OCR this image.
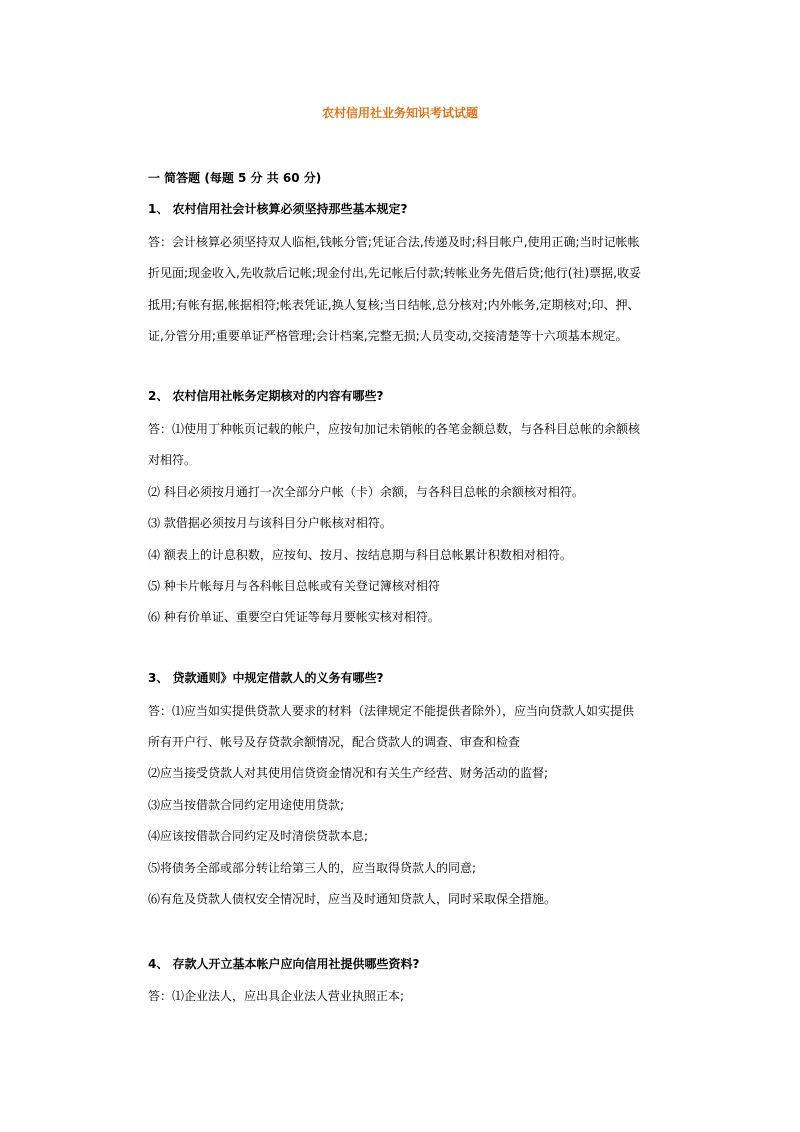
农村信用社业务知识考试试题
一 简答题 (每题 5 分 共 60 分)
1、 农村信用社会计核算必须坚持那些基本规定?
答：会计核算必须坚持双人临柜,钱帐分管;凭证合法,传递及时;科目帐户,使用正确;当时记帐帐
折见面;现金收入,先收款后记帐;现金付出,先记帐后付款;转帐业务先借后贷;他行(社)票据,收妥
抵用;有帐有据,帐据相符;帐表凭证,换人复核;当日结帐,总分核对;内外帐务,定期核对;印、押、
证,分管分用;重要单证严格管理;会计档案,完整无损;人员变动,交接清楚等十六项基本规定。
2、 农村信用社帐务定期核对的内容有哪些?
答：⑴使用丁种帐页记载的帐户，应按旬加记未销帐的各笔金额总数，与各科目总帐的余额核
对相符。
⑵ 科目必须按月通打一次全部分户帐（卡）余额，与各科目总帐的余额核对相符。
⑶ 款借据必须按月与该科目分户帐核对相符。
⑷ 额表上的计息积数，应按旬、按月、按结息期与科目总帐累计积数相对相符。
⑸ 种卡片帐每月与各科帐目总帐或有关登记簿核对相符
⑹ 种有价单证、重要空白凭证等每月要帐实核对相符。
3、 贷款通则》中规定借款人的义务有哪些?
答：⑴应当如实提供贷款人要求的材料（法律规定不能提供者除外），应当向贷款人如实提供
所有开户行、帐号及存贷款余额情况，配合贷款人的调查、审查和检查
⑵应当接受贷款人对其使用信贷资金情况和有关生产经营、财务活动的监督;
⑶应当按借款合同约定用途使用贷款;
⑷应该按借款合同约定及时清偿贷款本息;
⑸将债务全部或部分转让给第三人的，应当取得贷款人的同意;
⑹有危及贷款人债权安全情况时，应当及时通知贷款人，同时采取保全措施。
4、 存款人开立基本帐户应向信用社提供哪些资料?
答：⑴企业法人，应出具企业法人营业执照正本;
